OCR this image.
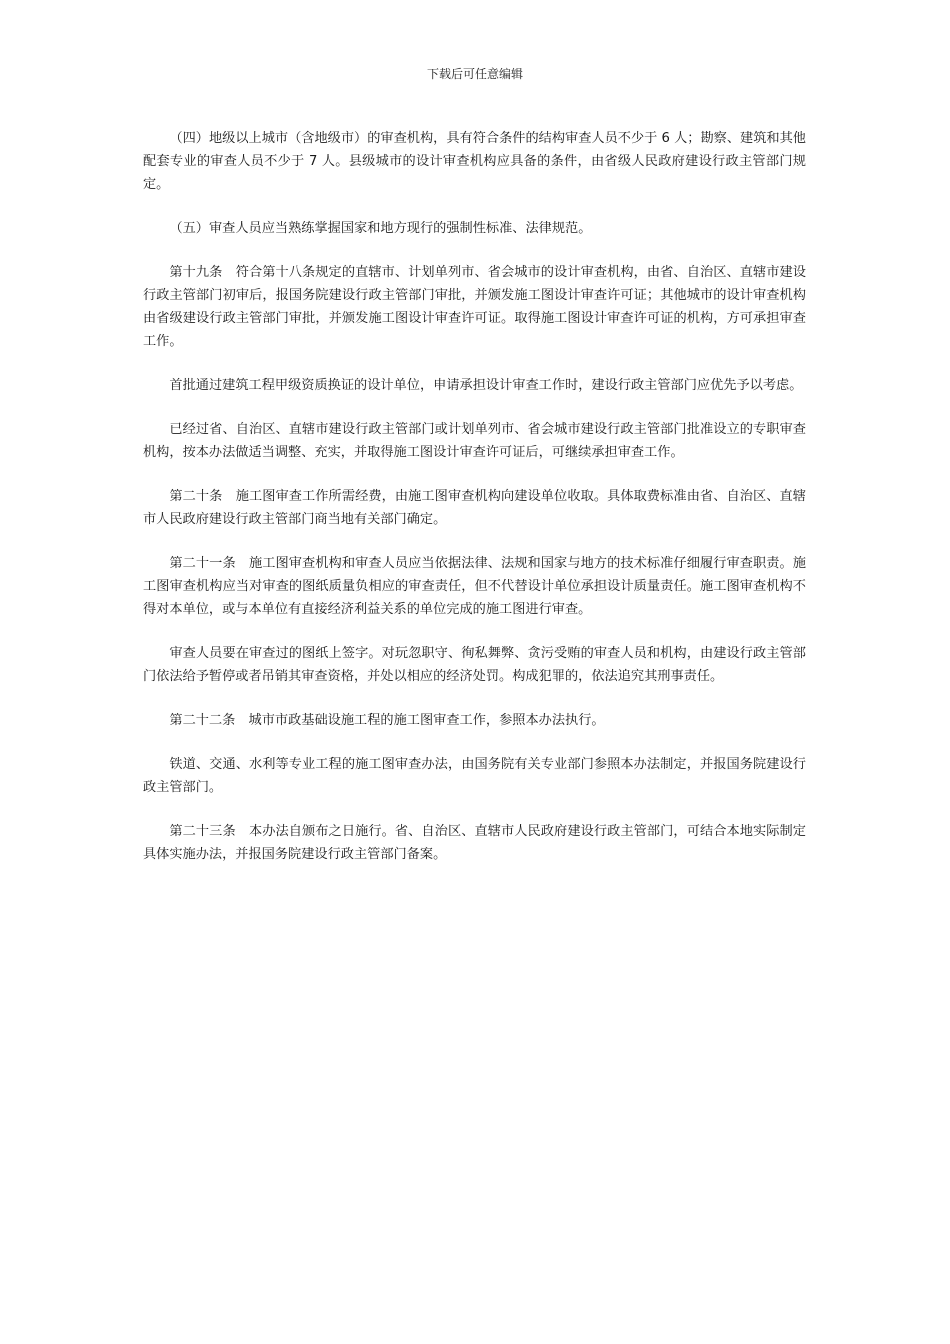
下载后可任意编辑

（四）地级以上城市（含地级市）的审查机构，具有符合条件的结构审查人员不少于 6 人；勘察、建筑和其他配套专业的审查人员不少于 7 人。县级城市的设计审查机构应具备的条件，由省级人民政府建设行政主管部门规定。

（五）审查人员应当熟练掌握国家和地方现行的强制性标准、法律规范。

第十九条　符合第十八条规定的直辖市、计划单列市、省会城市的设计审查机构，由省、自治区、直辖市建设行政主管部门初审后，报国务院建设行政主管部门审批，并颁发施工图设计审查许可证；其他城市的设计审查机构由省级建设行政主管部门审批，并颁发施工图设计审查许可证。取得施工图设计审查许可证的机构，方可承担审查工作。

首批通过建筑工程甲级资质换证的设计单位，申请承担设计审查工作时，建设行政主管部门应优先予以考虑。

已经过省、自治区、直辖市建设行政主管部门或计划单列市、省会城市建设行政主管部门批准设立的专职审查机构，按本办法做适当调整、充实，并取得施工图设计审查许可证后，可继续承担审查工作。

第二十条　施工图审查工作所需经费，由施工图审查机构向建设单位收取。具体取费标准由省、自治区、直辖市人民政府建设行政主管部门商当地有关部门确定。

第二十一条　施工图审查机构和审查人员应当依据法律、法规和国家与地方的技术标准仔细履行审查职责。施工图审查机构应当对审查的图纸质量负相应的审查责任，但不代替设计单位承担设计质量责任。施工图审查机构不得对本单位，或与本单位有直接经济利益关系的单位完成的施工图进行审查。

审查人员要在审查过的图纸上签字。对玩忽职守、徇私舞弊、贪污受贿的审查人员和机构，由建设行政主管部门依法给予暂停或者吊销其审查资格，并处以相应的经济处罚。构成犯罪的，依法追究其刑事责任。

第二十二条　城市市政基础设施工程的施工图审查工作，参照本办法执行。

铁道、交通、水利等专业工程的施工图审查办法，由国务院有关专业部门参照本办法制定，并报国务院建设行政主管部门。

第二十三条　本办法自颁布之日施行。省、自治区、直辖市人民政府建设行政主管部门，可结合本地实际制定具体实施办法，并报国务院建设行政主管部门备案。
